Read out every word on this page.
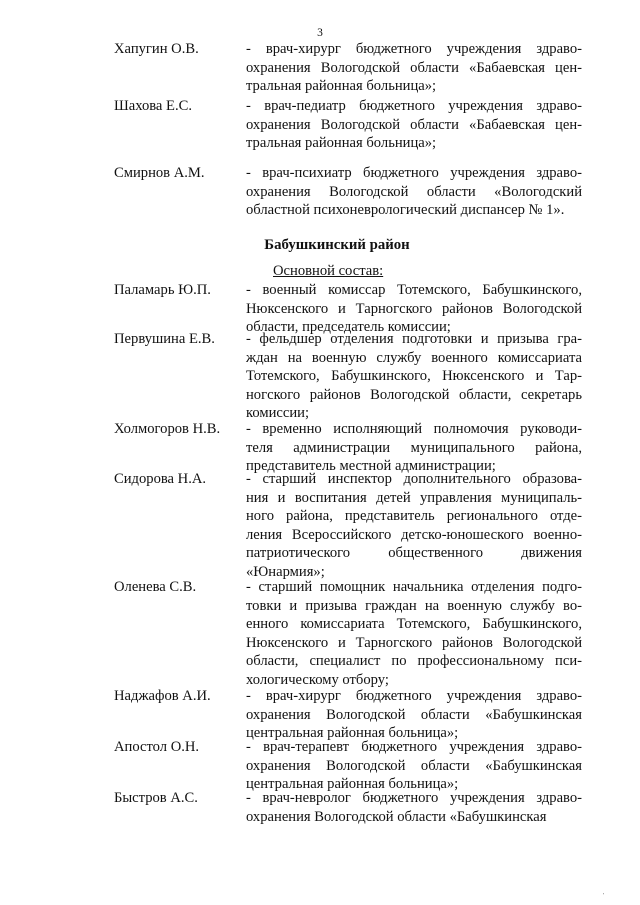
3
Хапугин О.В.	- врач-хирург бюджетного учреждения здраво-
охранения Вологодской области «Бабаевская цен-
тральная районная больница»;
Шахова Е.С.	- врач-педиатр бюджетного учреждения здраво-
охранения Вологодской области «Бабаевская цен-
тральная районная больница»;
Смирнов А.М.	- врач-психиатр бюджетного учреждения здраво-
охранения Вологодской области «Вологодский
областной психоневрологический диспансер № 1».
Бабушкинский район
Основной состав:
Паламарь Ю.П.	- военный комиссар Тотемского, Бабушкинского,
Нюксенского и Тарногского районов Вологодской
области, председатель комиссии;
Первушина Е.В.	- фельдшер отделения подготовки и призыва гра-
ждан на военную службу военного комиссариата
Тотемского, Бабушкинского, Нюксенского и Тар-
ногского районов Вологодской области, секретарь
комиссии;
Холмогоров Н.В.	- временно исполняющий полномочия руководи-
теля администрации муниципального района,
представитель местной администрации;
Сидорова Н.А.	- старший инспектор дополнительного образова-
ния и воспитания детей управления муниципаль-
ного района, представитель регионального отде-
ления Всероссийского детско-юношеского военно-
патриотического общественного движения
«Юнармия»;
Оленева С.В.	- старший помощник начальника отделения подго-
товки и призыва граждан на военную службу во-
енного комиссариата Тотемского, Бабушкинского,
Нюксенского и Тарногского районов Вологодской
области, специалист по профессиональному пси-
хологическому отбору;
Наджафов А.И.	- врач-хирург бюджетного учреждения здраво-
охранения Вологодской области «Бабушкинская
центральная районная больница»;
Апостол О.Н.	- врач-терапевт бюджетного учреждения здраво-
охранения Вологодской области «Бабушкинская
центральная районная больница»;
Быстров А.С.	- врач-невролог бюджетного учреждения здраво-
охранения Вологодской области «Бабушкинская
'
